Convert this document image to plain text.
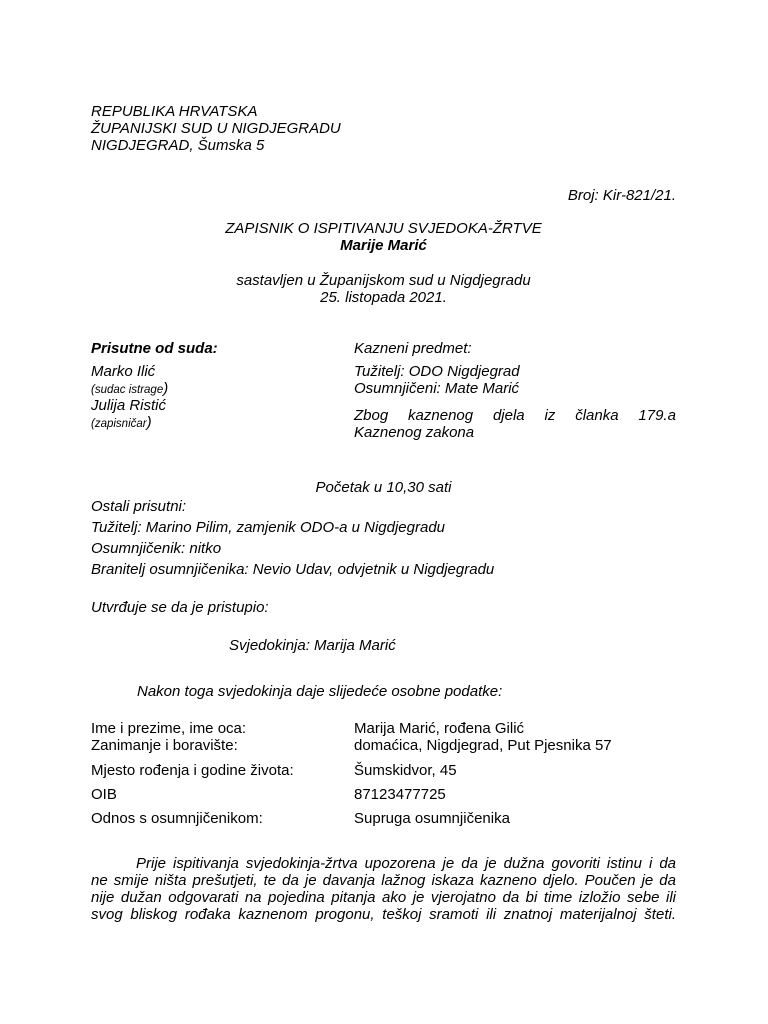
REPUBLIKA HRVATSKA
ŽUPANIJSKI SUD U NIGDJEGRADU
NIGDJEGRAD, Šumska 5
Broj: Kir-821/21.
ZAPISNIK O ISPITIVANJU SVJEDOKA-ŽRTVE
Marije Marić
sastavljen u Županijskom sud u Nigdjegradu
25. listopada 2021.
Prisutne od suda:
Marko Ilić
(sudac istrage)
Julija Ristić
(zapisničar)
Kazneni predmet:
Tužitelj: ODO Nigdjegrad
Osumnjičeni: Mate Marić
Zbog kaznenog djela iz članka 179.a
Kaznenog zakona
Početak u 10,30 sati
Ostali prisutni:
Tužitelj: Marino Pilim, zamjenik ODO-a u Nigdjegradu
Osumnjičenik: nitko
Branitelj osumnjičenika: Nevio Udav, odvjetnik u Nigdjegradu
Utvrđuje se da je pristupio:
Svjedokinja: Marija Marić
Nakon toga svjedokinja daje slijedeće osobne podatke:
Ime i prezime, ime oca:	Marija Marić, rođena Gilić
Zanimanje i boravište:	domaćica, Nigdjegrad, Put Pjesnika 57
Mjesto rođenja i godine života:	Šumskidvor, 45
OIB	87123477725
Odnos s osumnjičenikom:	Supruga osumnjičenika
Prije ispitivanja svjedokinja-žrtva upozorena je da je dužna govoriti istinu i da
ne smije ništa prešutjeti, te da je davanja lažnog iskaza kazneno djelo. Poučen je da
nije dužan odgovarati na pojedina pitanja ako je vjerojatno da bi time izložio sebe ili
svog bliskog rođaka kaznenom progonu, teškoj sramoti ili znatnoj materijalnoj šteti.
